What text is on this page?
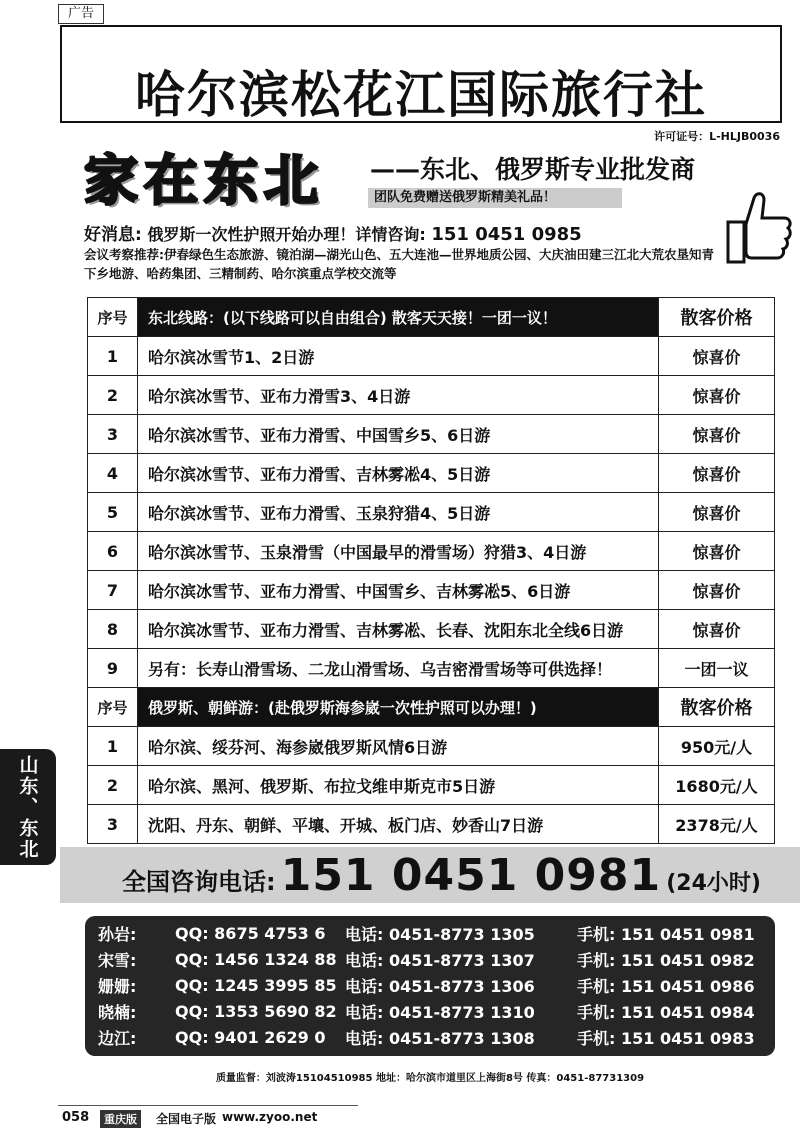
广告
哈尔滨松花江国际旅行社
许可证号：L-HLJB0036
家在东北 ——东北、俄罗斯专业批发商
团队免费赠送俄罗斯精美礼品！
好消息: 俄罗斯一次性护照开始办理！详情咨询: 151 0451 0985
会议考察推荐:伊春绿色生态旅游、镜泊湖—湖光山色、五大连池—世界地质公园、大庆油田建三江北大荒农垦知青下乡地游、哈药集团、三精制药、哈尔滨重点学校交流等
序号	东北线路：(以下线路可以自由组合) 散客天天接！一团一议！	散客价格
1	哈尔滨冰雪节1、2日游	惊喜价
2	哈尔滨冰雪节、亚布力滑雪3、4日游	惊喜价
3	哈尔滨冰雪节、亚布力滑雪、中国雪乡5、6日游	惊喜价
4	哈尔滨冰雪节、亚布力滑雪、吉林雾凇4、5日游	惊喜价
5	哈尔滨冰雪节、亚布力滑雪、玉泉狩猎4、5日游	惊喜价
6	哈尔滨冰雪节、玉泉滑雪（中国最早的滑雪场）狩猎3、4日游	惊喜价
7	哈尔滨冰雪节、亚布力滑雪、中国雪乡、吉林雾凇5、6日游	惊喜价
8	哈尔滨冰雪节、亚布力滑雪、吉林雾凇、长春、沈阳东北全线6日游	惊喜价
9	另有：长寿山滑雪场、二龙山滑雪场、乌吉密滑雪场等可供选择！	一团一议
序号	俄罗斯、朝鲜游：(赴俄罗斯海参崴一次性护照可以办理！)	散客价格
1	哈尔滨、绥芬河、海参崴俄罗斯风情6日游	950元/人
2	哈尔滨、黑河、俄罗斯、布拉戈维申斯克市5日游	1680元/人
3	沈阳、丹东、朝鲜、平壤、开城、板门店、妙香山7日游	2378元/人
山东、东北
全国咨询电话: 151 0451 0981 (24小时)
孙岩:	QQ: 8675 4753 6	电话: 0451-8773 1305	手机: 151 0451 0981
宋雪:	QQ: 1456 1324 88 电话: 0451-8773 1307	手机: 151 0451 0982
姗姗:	QQ: 1245 3995 85 电话: 0451-8773 1306	手机: 151 0451 0986
晓楠:	QQ: 1353 5690 82 电话: 0451-8773 1310	手机: 151 0451 0984
边江:	QQ: 9401 2629 0	电话: 0451-8773 1308	手机: 151 0451 0983
质量监督：刘波涛15104510985 地址：哈尔滨市道里区上海街8号 传真：0451-87731309
058	重庆版	全国电子版 www.zyoo.net
